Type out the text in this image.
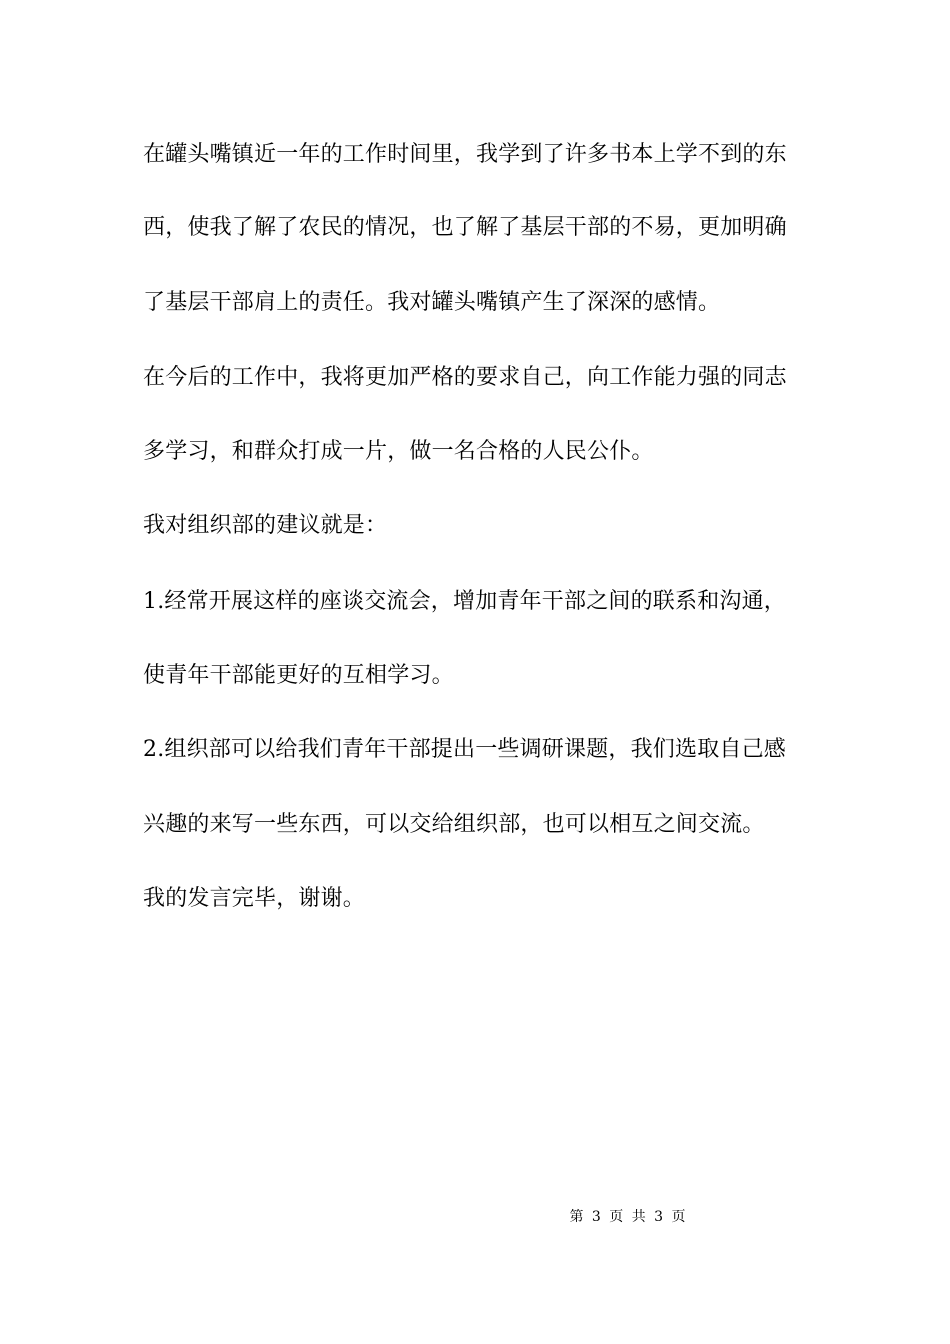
在罐头嘴镇近一年的工作时间里，我学到了许多书本上学不到的东
西，使我了解了农民的情况，也了解了基层干部的不易，更加明确
了基层干部肩上的责任。我对罐头嘴镇产生了深深的感情。
在今后的工作中，我将更加严格的要求自己，向工作能力强的同志
多学习，和群众打成一片，做一名合格的人民公仆。
我对组织部的建议就是：
1.经常开展这样的座谈交流会，增加青年干部之间的联系和沟通，
使青年干部能更好的互相学习。
2.组织部可以给我们青年干部提出一些调研课题，我们选取自己感
兴趣的来写一些东西，可以交给组织部，也可以相互之间交流。
我的发言完毕，谢谢。
第 3 页 共 3 页
